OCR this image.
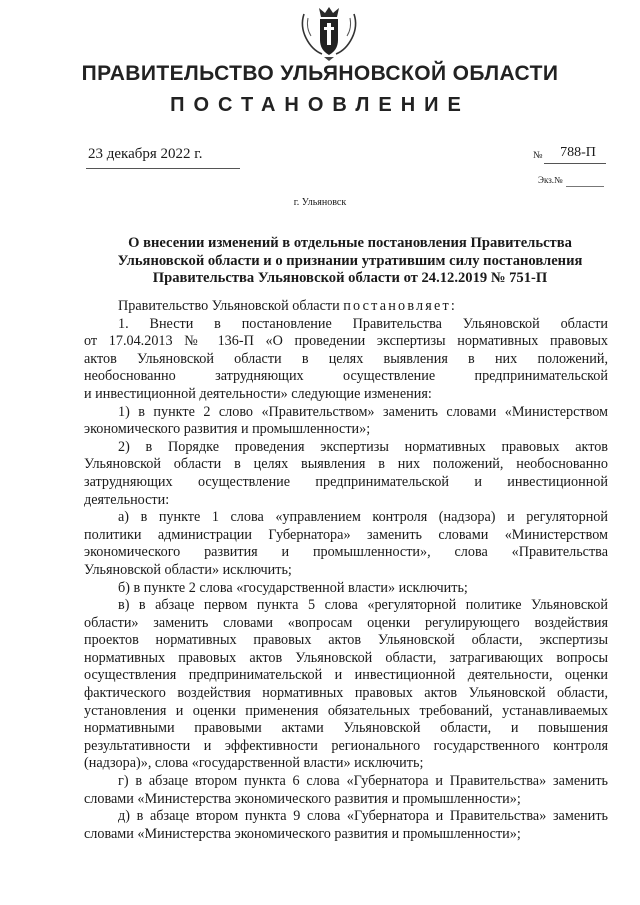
ПРАВИТЕЛЬСТВО УЛЬЯНОВСКОЙ ОБЛАСТИ
ПОСТАНОВЛЕНИЕ
23 декабря 2022 г.	№	788-П
Экз.№
г. Ульяновск
О внесении изменений в отдельные постановления Правительства
Ульяновской области и о признании утратившим силу постановления
Правительства Ульяновской области от 24.12.2019 № 751-П

Правительство Ульяновской области постановляет:

1. Внести в постановление Правительства Ульяновской области
от 17.04.2013 № 136-П «О проведении экспертизы нормативных правовых
актов Ульяновской области в целях выявления в них положений,
необоснованно затрудняющих осуществление предпринимательской
и инвестиционной деятельности» следующие изменения:

1) в пункте 2 слово «Правительством» заменить словами «Министерством
экономического развития и промышленности»;

2) в Порядке проведения экспертизы нормативных правовых актов
Ульяновской области в целях выявления в них положений, необоснованно
затрудняющих осуществление предпринимательской и инвестиционной
деятельности:

а) в пункте 1 слова «управлением контроля (надзора) и регуляторной
политики администрации Губернатора» заменить словами «Министерством
экономического развития и промышленности», слова «Правительства
Ульяновской области» исключить;

б) в пункте 2 слова «государственной власти» исключить;

в) в абзаце первом пункта 5 слова «регуляторной политике Ульяновской
области» заменить словами «вопросам оценки регулирующего воздействия
проектов нормативных правовых актов Ульяновской области, экспертизы
нормативных правовых актов Ульяновской области, затрагивающих вопросы
осуществления предпринимательской и инвестиционной деятельности, оценки
фактического воздействия нормативных правовых актов Ульяновской области,
установления и оценки применения обязательных требований, устанавливаемых
нормативными правовыми актами Ульяновской области, и повышения
результативности и эффективности регионального государственного контроля
(надзора)», слова «государственной власти» исключить;

г) в абзаце втором пункта 6 слова «Губернатора и Правительства» заменить
словами «Министерства экономического развития и промышленности»;

д) в абзаце втором пункта 9 слова «Губернатора и Правительства» заменить
словами «Министерства экономического развития и промышленности»;
